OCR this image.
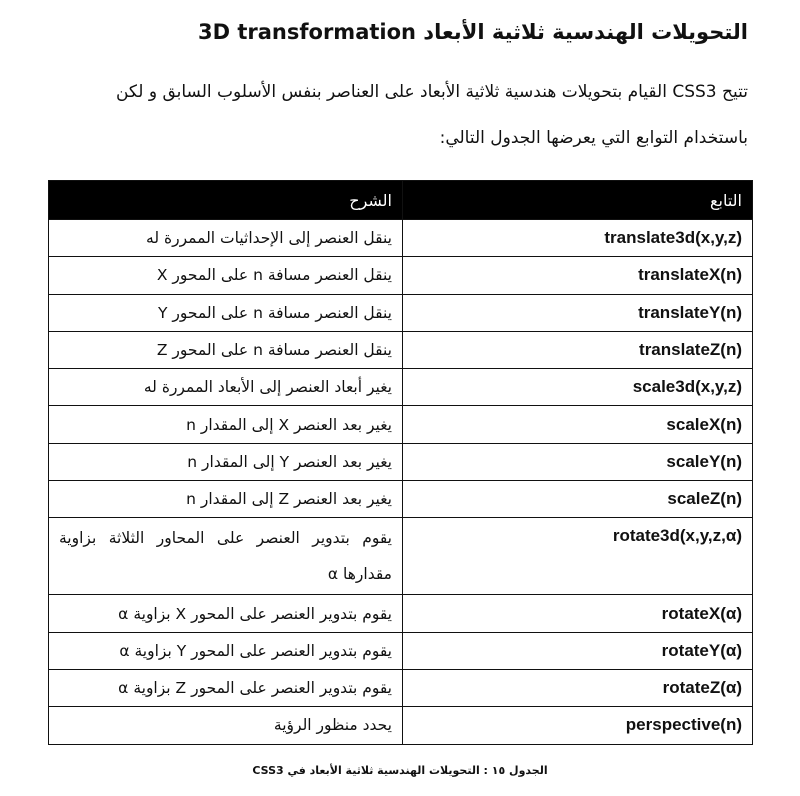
التحويلات الهندسية ثلاثية الأبعاد 3D transformation
تتيح CSS3 القيام بتحويلات هندسية ثلاثية الأبعاد على العناصر بنفس الأسلوب السابق و لكن
باستخدام التوابع التي يعرضها الجدول التالي:
التابع	الشرح
translate3d(x,y,z)	ينقل العنصر إلى الإحداثيات الممررة له
translateX(n)	ينقل العنصر مسافة n على المحور X
translateY(n)	ينقل العنصر مسافة n على المحور Y
translateZ(n)	ينقل العنصر مسافة n على المحور Z
scale3d(x,y,z)	يغير أبعاد العنصر إلى الأبعاد الممررة له
scaleX(n)	يغير بعد العنصر X إلى المقدار n
scaleY(n)	يغير بعد العنصر Y إلى المقدار n
scaleZ(n)	يغير بعد العنصر Z إلى المقدار n
rotate3d(x,y,z,α)	يقوم بتدوير العنصر على المحاور الثلاثة بزاوية مقدارها α
rotateX(α)	يقوم بتدوير العنصر على المحور X بزاوية α
rotateY(α)	يقوم بتدوير العنصر على المحور Y بزاوية α
rotateZ(α)	يقوم بتدوير العنصر على المحور Z بزاوية α
perspective(n)	يحدد منظور الرؤية
الجدول ١٥ : التحويلات الهندسية ثلاثية الأبعاد في CSS3
